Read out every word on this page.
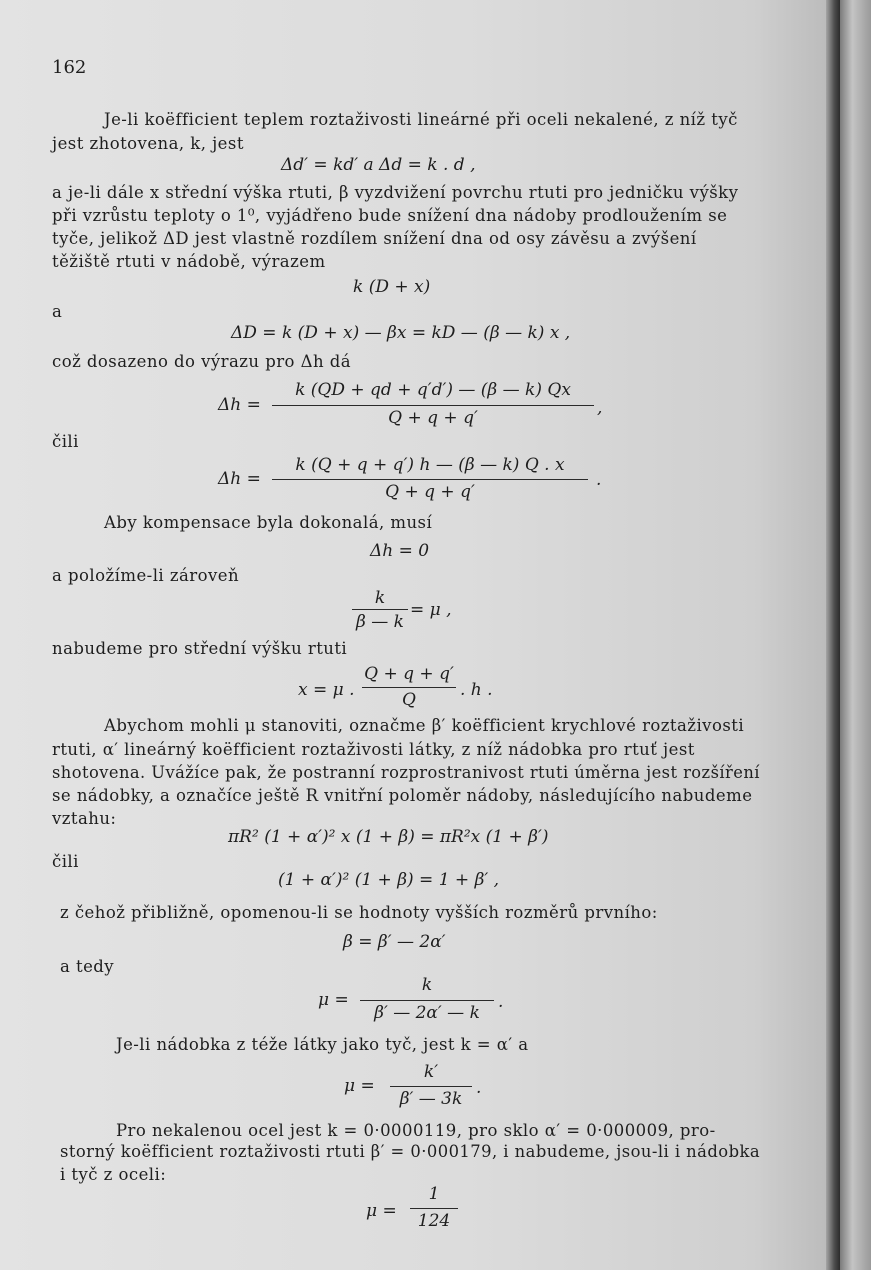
162
Je-li koëfficient teplem roztaživosti lineárné při oceli nekalené, z níž tyč
jest zhotovena, k, jest
Δd′ = kd′ a Δd = k . d ,
a je-li dále x střední výška rtuti, β vyzdvižení povrchu rtuti pro jedničku výšky
při vzrůstu teploty o 1⁰, vyjádřeno bude snížení dna nádoby prodloužením se
tyče, jelikož ΔD jest vlastně rozdílem snížení dna od osy závěsu a zvýšení
těžiště rtuti v nádobě, výrazem
k (D + x)
a
ΔD = k (D + x) — βx = kD — (β — k) x ,
což dosazeno do výrazu pro Δh dá
Δh =
k (QD + qd + q′d′) — (β — k) Qx
Q + q + q′	,
čili
Δh =
k (Q + q + q′) h — (β — k) Q . x
Q + q + q′
.
Aby kompensace byla dokonalá, musí
Δh = 0
a položíme-li zároveň
k
β — k
= μ ,
nabudeme pro střední výšku rtuti
x = μ .
Q + q + q′
Q	. h .
Abychom mohli μ stanoviti, označme β′ koëfficient krychlové roztaživosti
rtuti, α′ lineárný koëfficient roztaživosti látky, z níž nádobka pro rtuť jest
shotovena. Uvážíce pak, že postranní rozprostranivost rtuti úměrna jest rozšíření
se nádobky, a označíce ještě R vnitřní poloměr nádoby, následujícího nabudeme
vztahu:
πR² (1 + α′)² x (1 + β) = πR²x (1 + β′)
čili
(1 + α′)² (1 + β) = 1 + β′ ,
z čehož přibližně, opomenou-li se hodnoty vyšších rozměrů prvního:
β = β′ — 2α′
a tedy
μ =
k
β′ — 2α′ — k
.
Je-li nádobka z téže látky jako tyč, jest k = α′ a
μ =
k′
β′ — 3k
.
Pro nekalenou ocel jest k = 0·0000119, pro sklo α′ = 0·000009, pro-
storný koëfficient roztaživosti rtuti β′ = 0·000179, i nabudeme, jsou-li i nádobka
i tyč z oceli:
μ =
1
124
